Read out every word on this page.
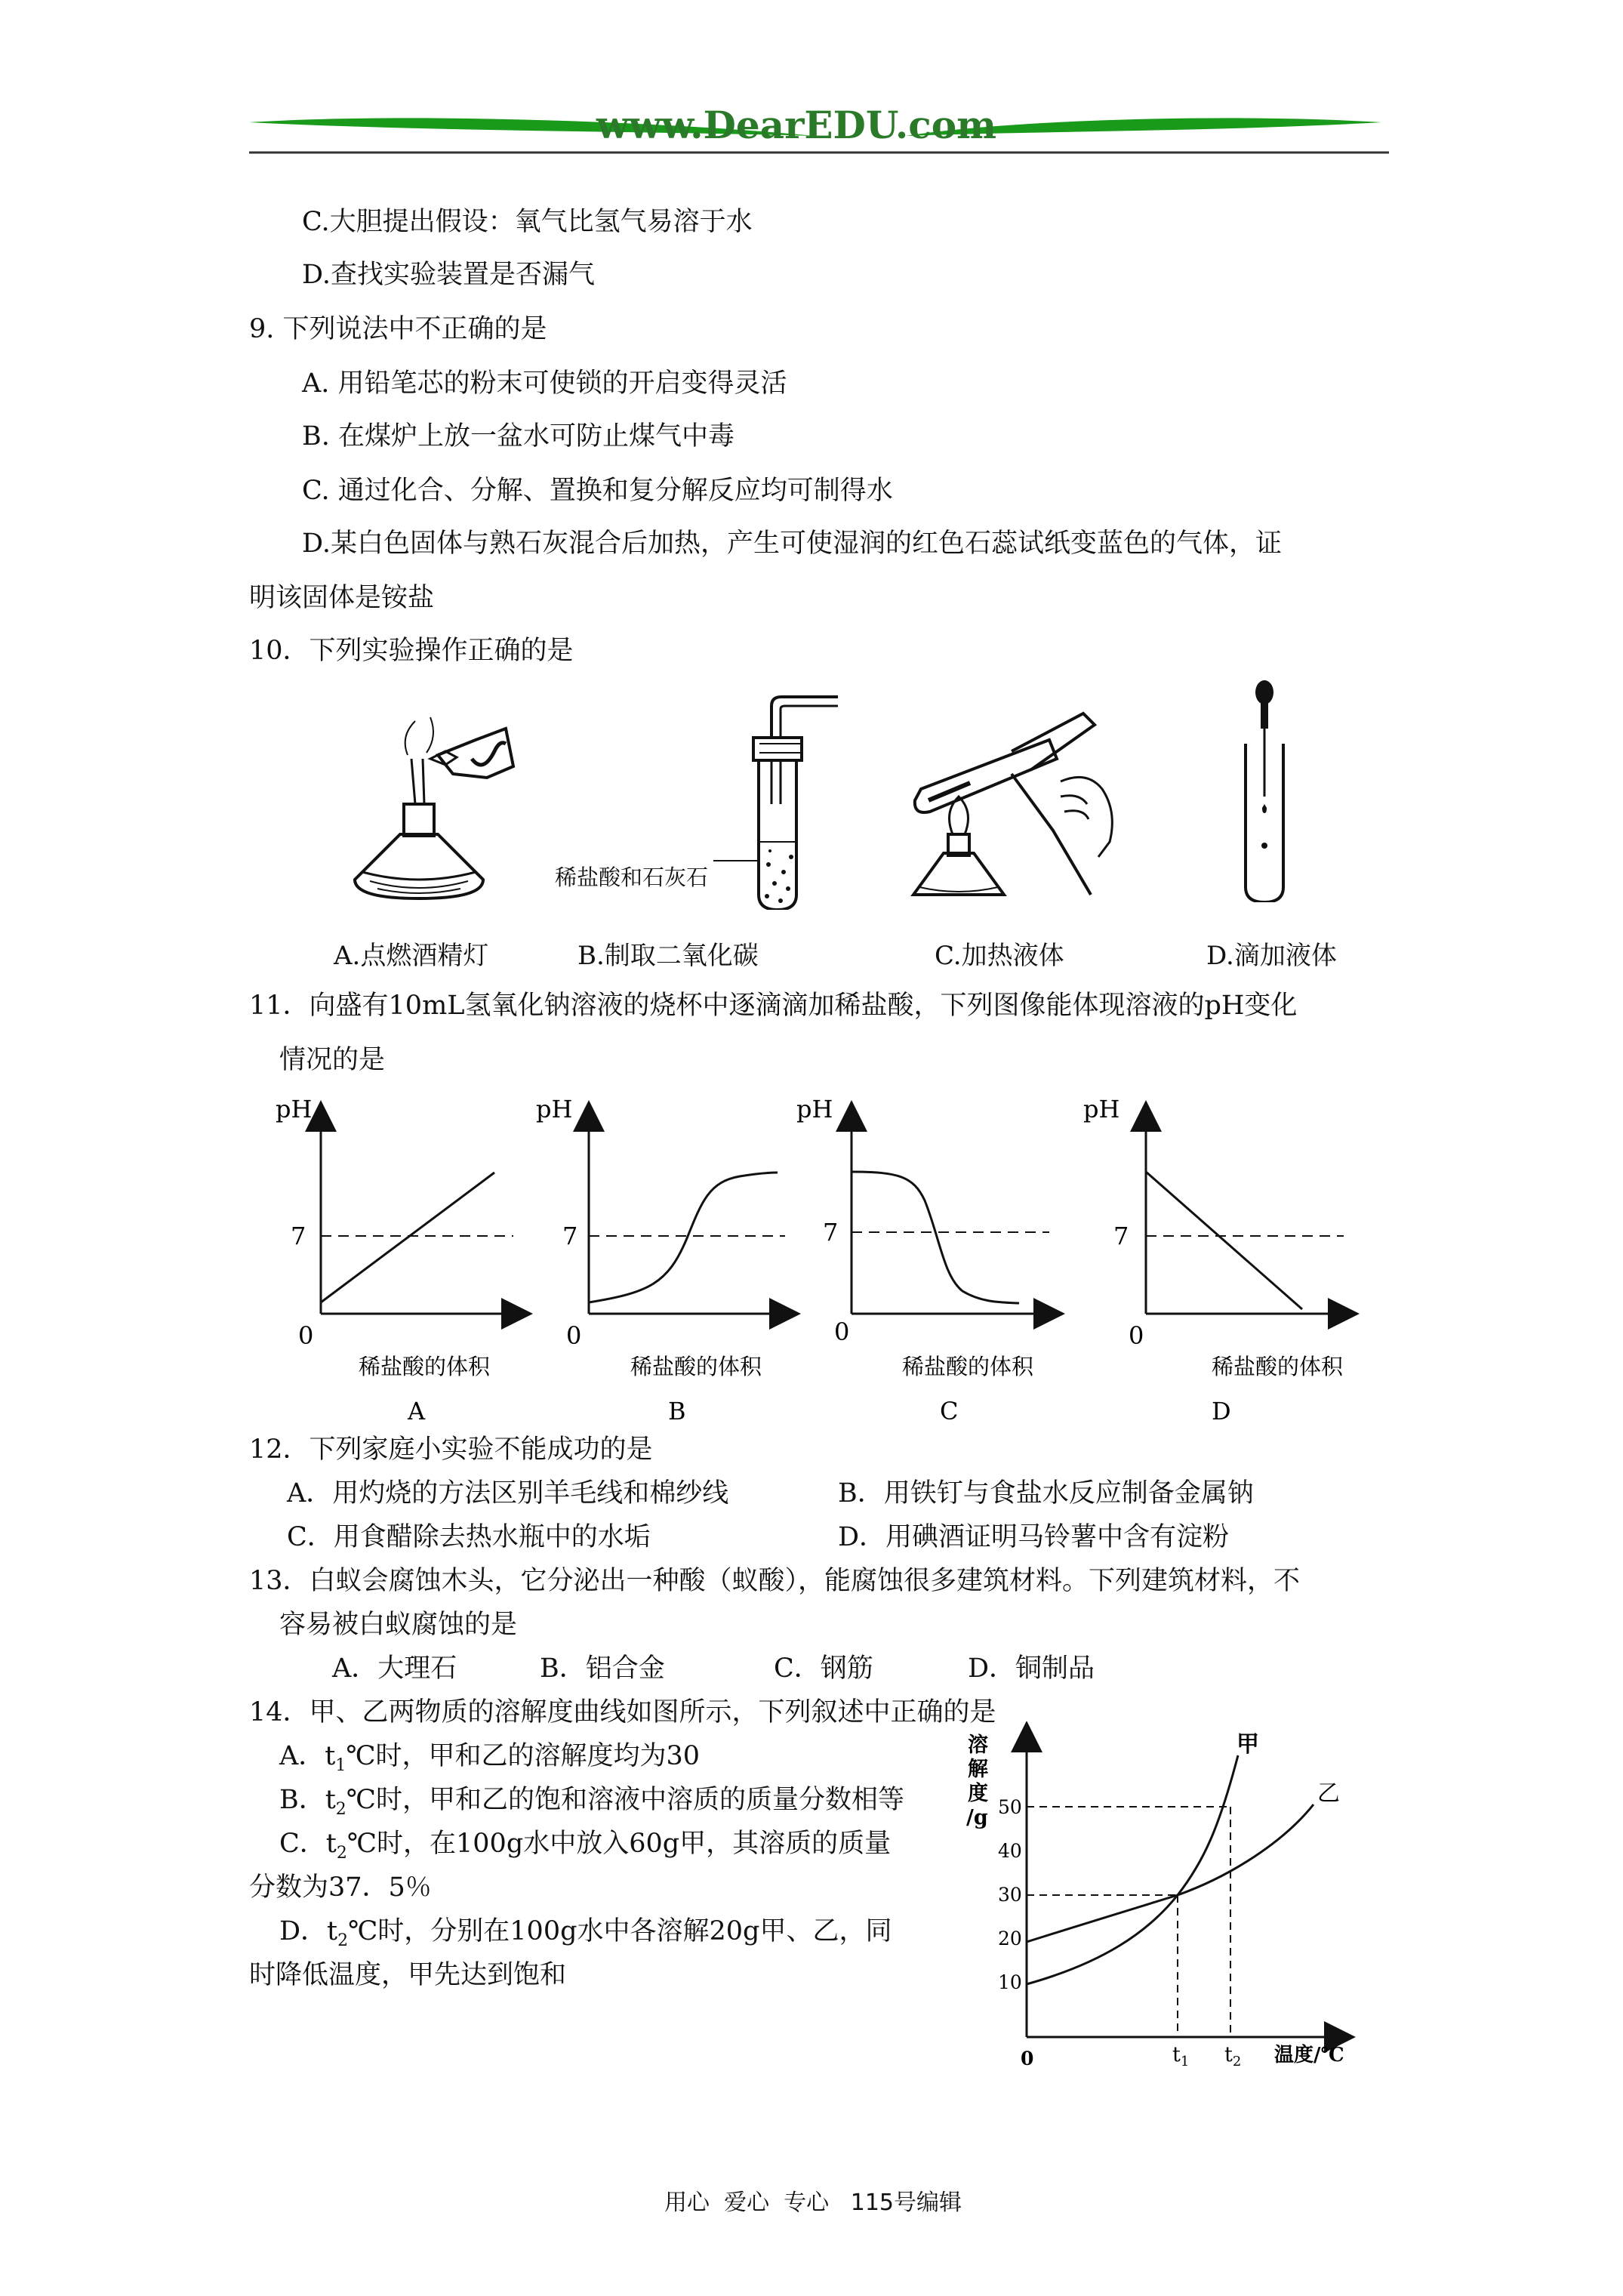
www.DearEDU.com
C.大胆提出假设：氧气比氢气易溶于水
D.查找实验装置是否漏气
9. 下列说法中不正确的是
A. 用铅笔芯的粉末可使锁的开启变得灵活
B. 在煤炉上放一盆水可防止煤气中毒
C. 通过化合、分解、置换和复分解反应均可制得水
D.某白色固体与熟石灰混合后加热，产生可使湿润的红色石蕊试纸变蓝色的气体，证
明该固体是铵盐
10．下列实验操作正确的是
稀盐酸和石灰石
A.点燃酒精灯	B.制取二氧化碳	C.加热液体	D.滴加液体
11．向盛有10mL氢氧化钠溶液的烧杯中逐滴滴加稀盐酸，下列图像能体现溶液的pH变化
情况的是
pH
7
0
稀盐酸的体积
A
pH
7
0
稀盐酸的体积
B
pH
7
0
稀盐酸的体积
C
pH
7
0
稀盐酸的体积
D
12．下列家庭小实验不能成功的是
A．用灼烧的方法区别羊毛线和棉纱线	B．用铁钉与食盐水反应制备金属钠
C．用食醋除去热水瓶中的水垢	D．用碘酒证明马铃薯中含有淀粉
13．白蚁会腐蚀木头，它分泌出一种酸（蚁酸），能腐蚀很多建筑材料。下列建筑材料，不
容易被白蚁腐蚀的是
A．大理石	B．铝合金	C．钢筋	D．铜制品
14．甲、乙两物质的溶解度曲线如图所示，下列叙述中正确的是
A．$t_1℃$时，甲和乙的溶解度均为30
B．$t_2℃$时，甲和乙的饱和溶液中溶质的质量分数相等
C．$t_2℃$时，在100g水中放入60g甲，其溶质的质量
分数为37．5％
D．$t_2℃$时，分别在100g水中各溶解20g甲、乙，同
时降低温度，甲先达到饱和
溶
解
度
/g 50
40
30
20
10
0
甲
乙
$t_1$ $t_2$ 温度/℃
用心  爱心  专心   115号编辑
